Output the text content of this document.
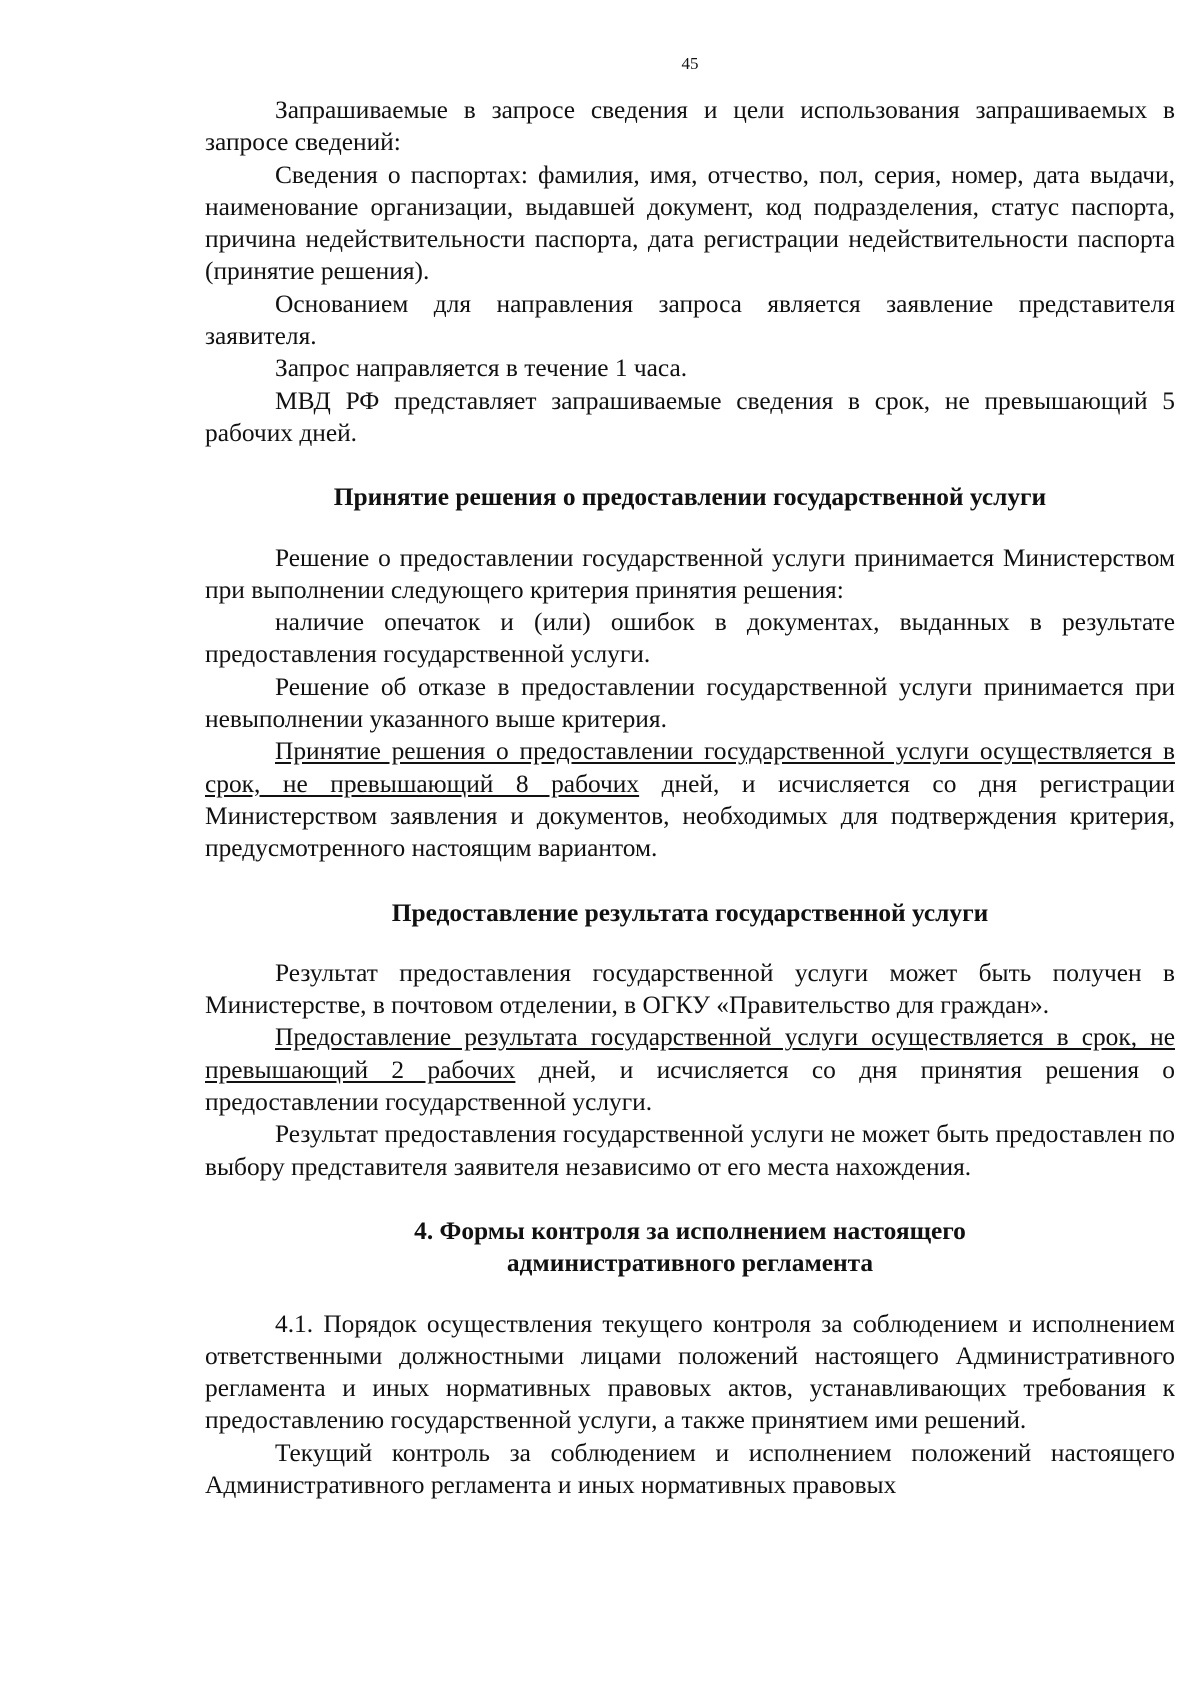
45

Запрашиваемые в запросе сведения и цели использования запрашиваемых в запросе сведений:

Сведения о паспортах: фамилия, имя, отчество, пол, серия, номер, дата выдачи, наименование организации, выдавшей документ, код подразделения, статус паспорта, причина недействительности паспорта, дата регистрации недействительности паспорта (принятие решения).

Основанием для направления запроса является заявление представителя заявителя.

Запрос направляется в течение 1 часа.

МВД РФ представляет запрашиваемые сведения в срок, не превышающий 5 рабочих дней.

Принятие решения о предоставлении государственной услуги

Решение о предоставлении государственной услуги принимается Министерством при выполнении следующего критерия принятия решения:

наличие опечаток и (или) ошибок в документах, выданных в результате предоставления государственной услуги.

Решение об отказе в предоставлении государственной услуги принимается при невыполнении указанного выше критерия.

Принятие решения о предоставлении государственной услуги осуществляется в срок, не превышающий 8 рабочих дней, и исчисляется со дня регистрации Министерством заявления и документов, необходимых для подтверждения критерия, предусмотренного настоящим вариантом.

Предоставление результата государственной услуги

Результат предоставления государственной услуги может быть получен в Министерстве, в почтовом отделении, в ОГКУ «Правительство для граждан».

Предоставление результата государственной услуги осуществляется в срок, не превышающий 2 рабочих дней, и исчисляется со дня принятия решения о предоставлении государственной услуги.

Результат предоставления государственной услуги не может быть предоставлен по выбору представителя заявителя независимо от его места нахождения.

4. Формы контроля за исполнением настоящего
административного регламента

4.1. Порядок осуществления текущего контроля за соблюдением и исполнением ответственными должностными лицами положений настоящего Административного регламента и иных нормативных правовых актов, устанавливающих требования к предоставлению государственной услуги, а также принятием ими решений.

Текущий контроль за соблюдением и исполнением положений настоящего Административного регламента и иных нормативных правовых
